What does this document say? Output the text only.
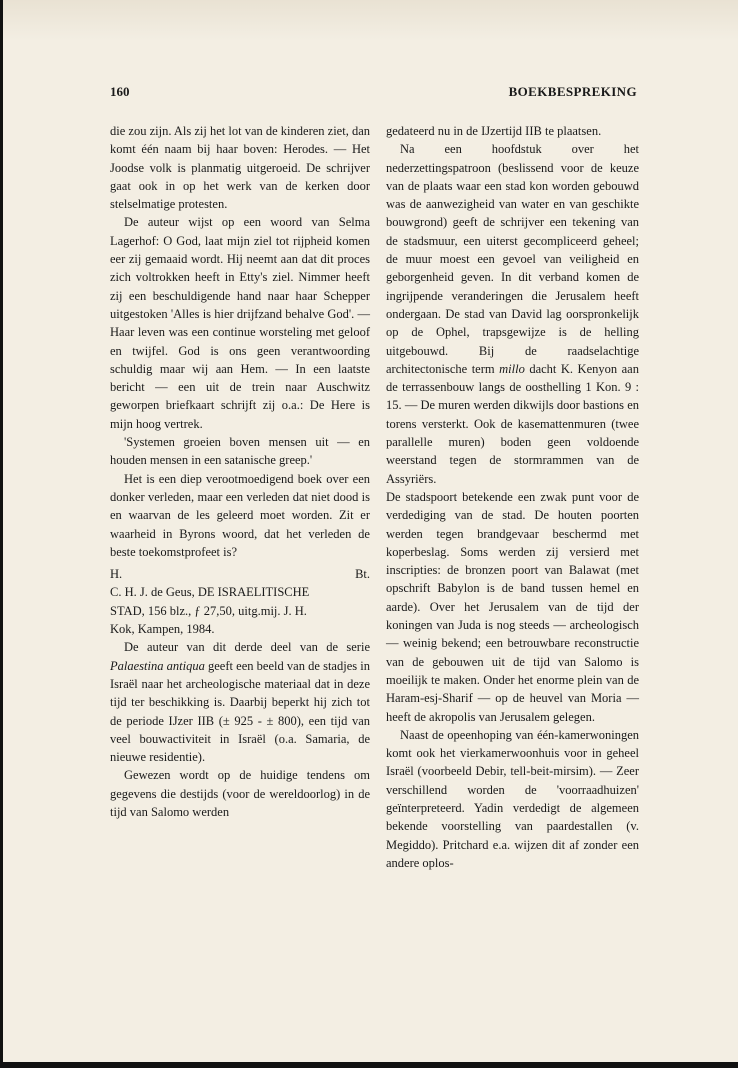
160	BOEKBESPREKING

die zou zijn. Als zij het lot van de kinderen ziet, dan komt één naam bij haar boven: Herodes. — Het Joodse volk is planmatig uitgeroeid. De schrijver gaat ook in op het werk van de kerken door stelselmatige protesten.

De auteur wijst op een woord van Selma Lagerhof: O God, laat mijn ziel tot rijpheid komen eer zij gemaaid wordt. Hij neemt aan dat dit proces zich voltrokken heeft in Etty's ziel. Nimmer heeft zij een beschuldigende hand naar haar Schepper uitgestoken 'Alles is hier drijfzand behalve God'. — Haar leven was een continue worsteling met geloof en twijfel. God is ons geen verantwoording schuldig maar wij aan Hem. — In een laatste bericht — een uit de trein naar Auschwitz geworpen briefkaart schrijft zij o.a.: De Here is mijn hoog vertrek.

'Systemen groeien boven mensen uit — en houden mensen in een satanische greep.'

Het is een diep verootmoedigend boek over een donker verleden, maar een verleden dat niet dood is en waarvan de les geleerd moet worden. Zit er waarheid in Byrons woord, dat het verleden de beste toekomstprofeet is?

H.	Bt.

C. H. J. de Geus, DE ISRAELITISCHE STAD, 156 blz., ƒ 27,50, uitg.mij. J. H. Kok, Kampen, 1984.

De auteur van dit derde deel van de serie Palaestina antiqua geeft een beeld van de stadjes in Israël naar het archeologische materiaal dat in deze tijd ter beschikking is. Daarbij beperkt hij zich tot de periode IJzer IIB (± 925 - ± 800), een tijd van veel bouwactiviteit in Israël (o.a. Samaria, de nieuwe residentie).

Gewezen wordt op de huidige tendens om gegevens die destijds (voor de wereldoorlog) in de tijd van Salomo werden

gedateerd nu in de IJzertijd IIB te plaatsen.

Na een hoofdstuk over het nederzettingspatroon (beslissend voor de keuze van de plaats waar een stad kon worden gebouwd was de aanwezigheid van water en van geschikte bouwgrond) geeft de schrijver een tekening van de stadsmuur, een uiterst gecompliceerd geheel; de muur moest een gevoel van veiligheid en geborgenheid geven. In dit verband komen de ingrijpende veranderingen die Jerusalem heeft ondergaan. De stad van David lag oorspronkelijk op de Ophel, trapsgewijze is de helling uitgebouwd. Bij de raadselachtige architectonische term millo dacht K. Kenyon aan de terrassenbouw langs de oosthelling 1 Kon. 9 : 15. — De muren werden dikwijls door bastions en torens versterkt. Ook de kasemattenmuren (twee parallelle muren) boden geen voldoende weerstand tegen de stormrammen van de Assyriërs.

De stadspoort betekende een zwak punt voor de verdediging van de stad. De houten poorten werden tegen brandgevaar beschermd met koperbeslag. Soms werden zij versierd met inscripties: de bronzen poort van Balawat (met opschrift Babylon is de band tussen hemel en aarde). Over het Jerusalem van de tijd der koningen van Juda is nog steeds — archeologisch — weinig bekend; een betrouwbare reconstructie van de gebouwen uit de tijd van Salomo is moeilijk te maken. Onder het enorme plein van de Haram-esj-Sharif — op de heuvel van Moria — heeft de akropolis van Jerusalem gelegen.

Naast de opeenhoping van één-kamerwoningen komt ook het vierkamerwoonhuis voor in geheel Israël (voorbeeld Debir, tell-beit-mirsim). — Zeer verschillend worden de 'voorraadhuizen' geïnterpreteerd. Yadin verdedigt de algemeen bekende voorstelling van paardestallen (v. Megiddo). Pritchard e.a. wijzen dit af zonder een andere oplos-
